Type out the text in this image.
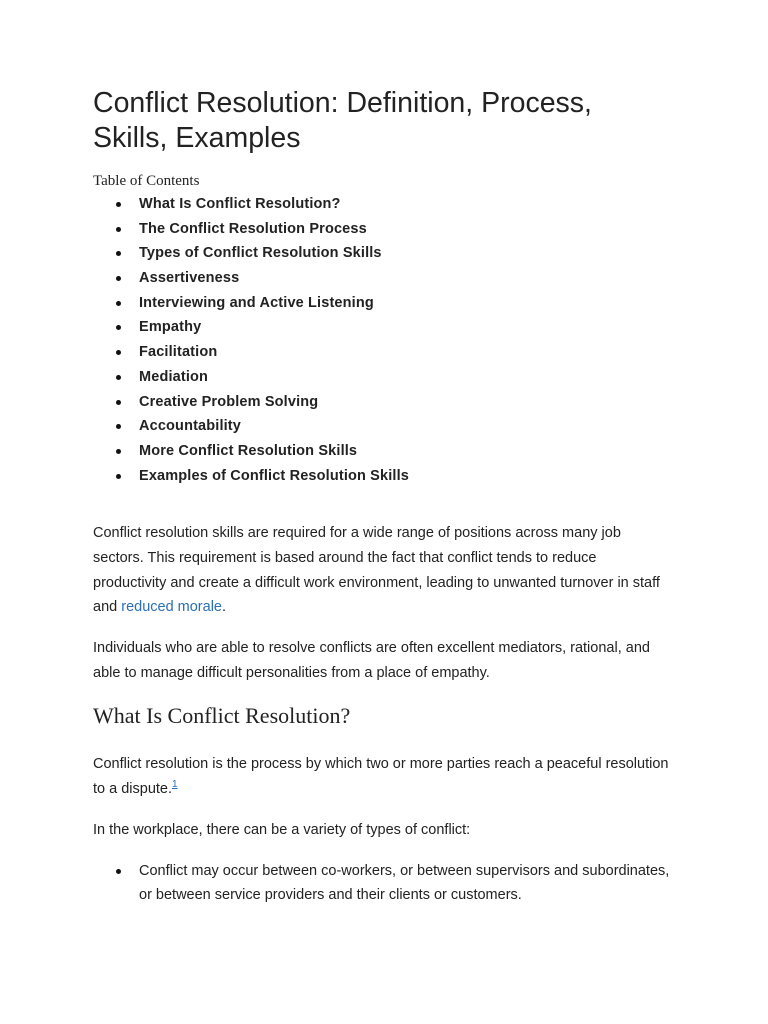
Conflict Resolution: Definition, Process, Skills, Examples
Table of Contents
What Is Conflict Resolution?
The Conflict Resolution Process
Types of Conflict Resolution Skills
Assertiveness
Interviewing and Active Listening
Empathy
Facilitation
Mediation
Creative Problem Solving
Accountability
More Conflict Resolution Skills
Examples of Conflict Resolution Skills

Conflict resolution skills are required for a wide range of positions across many job sectors. This requirement is based around the fact that conflict tends to reduce productivity and create a difficult work environment, leading to unwanted turnover in staff and reduced morale.

Individuals who are able to resolve conflicts are often excellent mediators, rational, and able to manage difficult personalities from a place of empathy.

What Is Conflict Resolution?

Conflict resolution is the process by which two or more parties reach a peaceful resolution to a dispute.$^1$

In the workplace, there can be a variety of types of conflict:

Conflict may occur between co-workers, or between supervisors and subordinates, or between service providers and their clients or customers.
